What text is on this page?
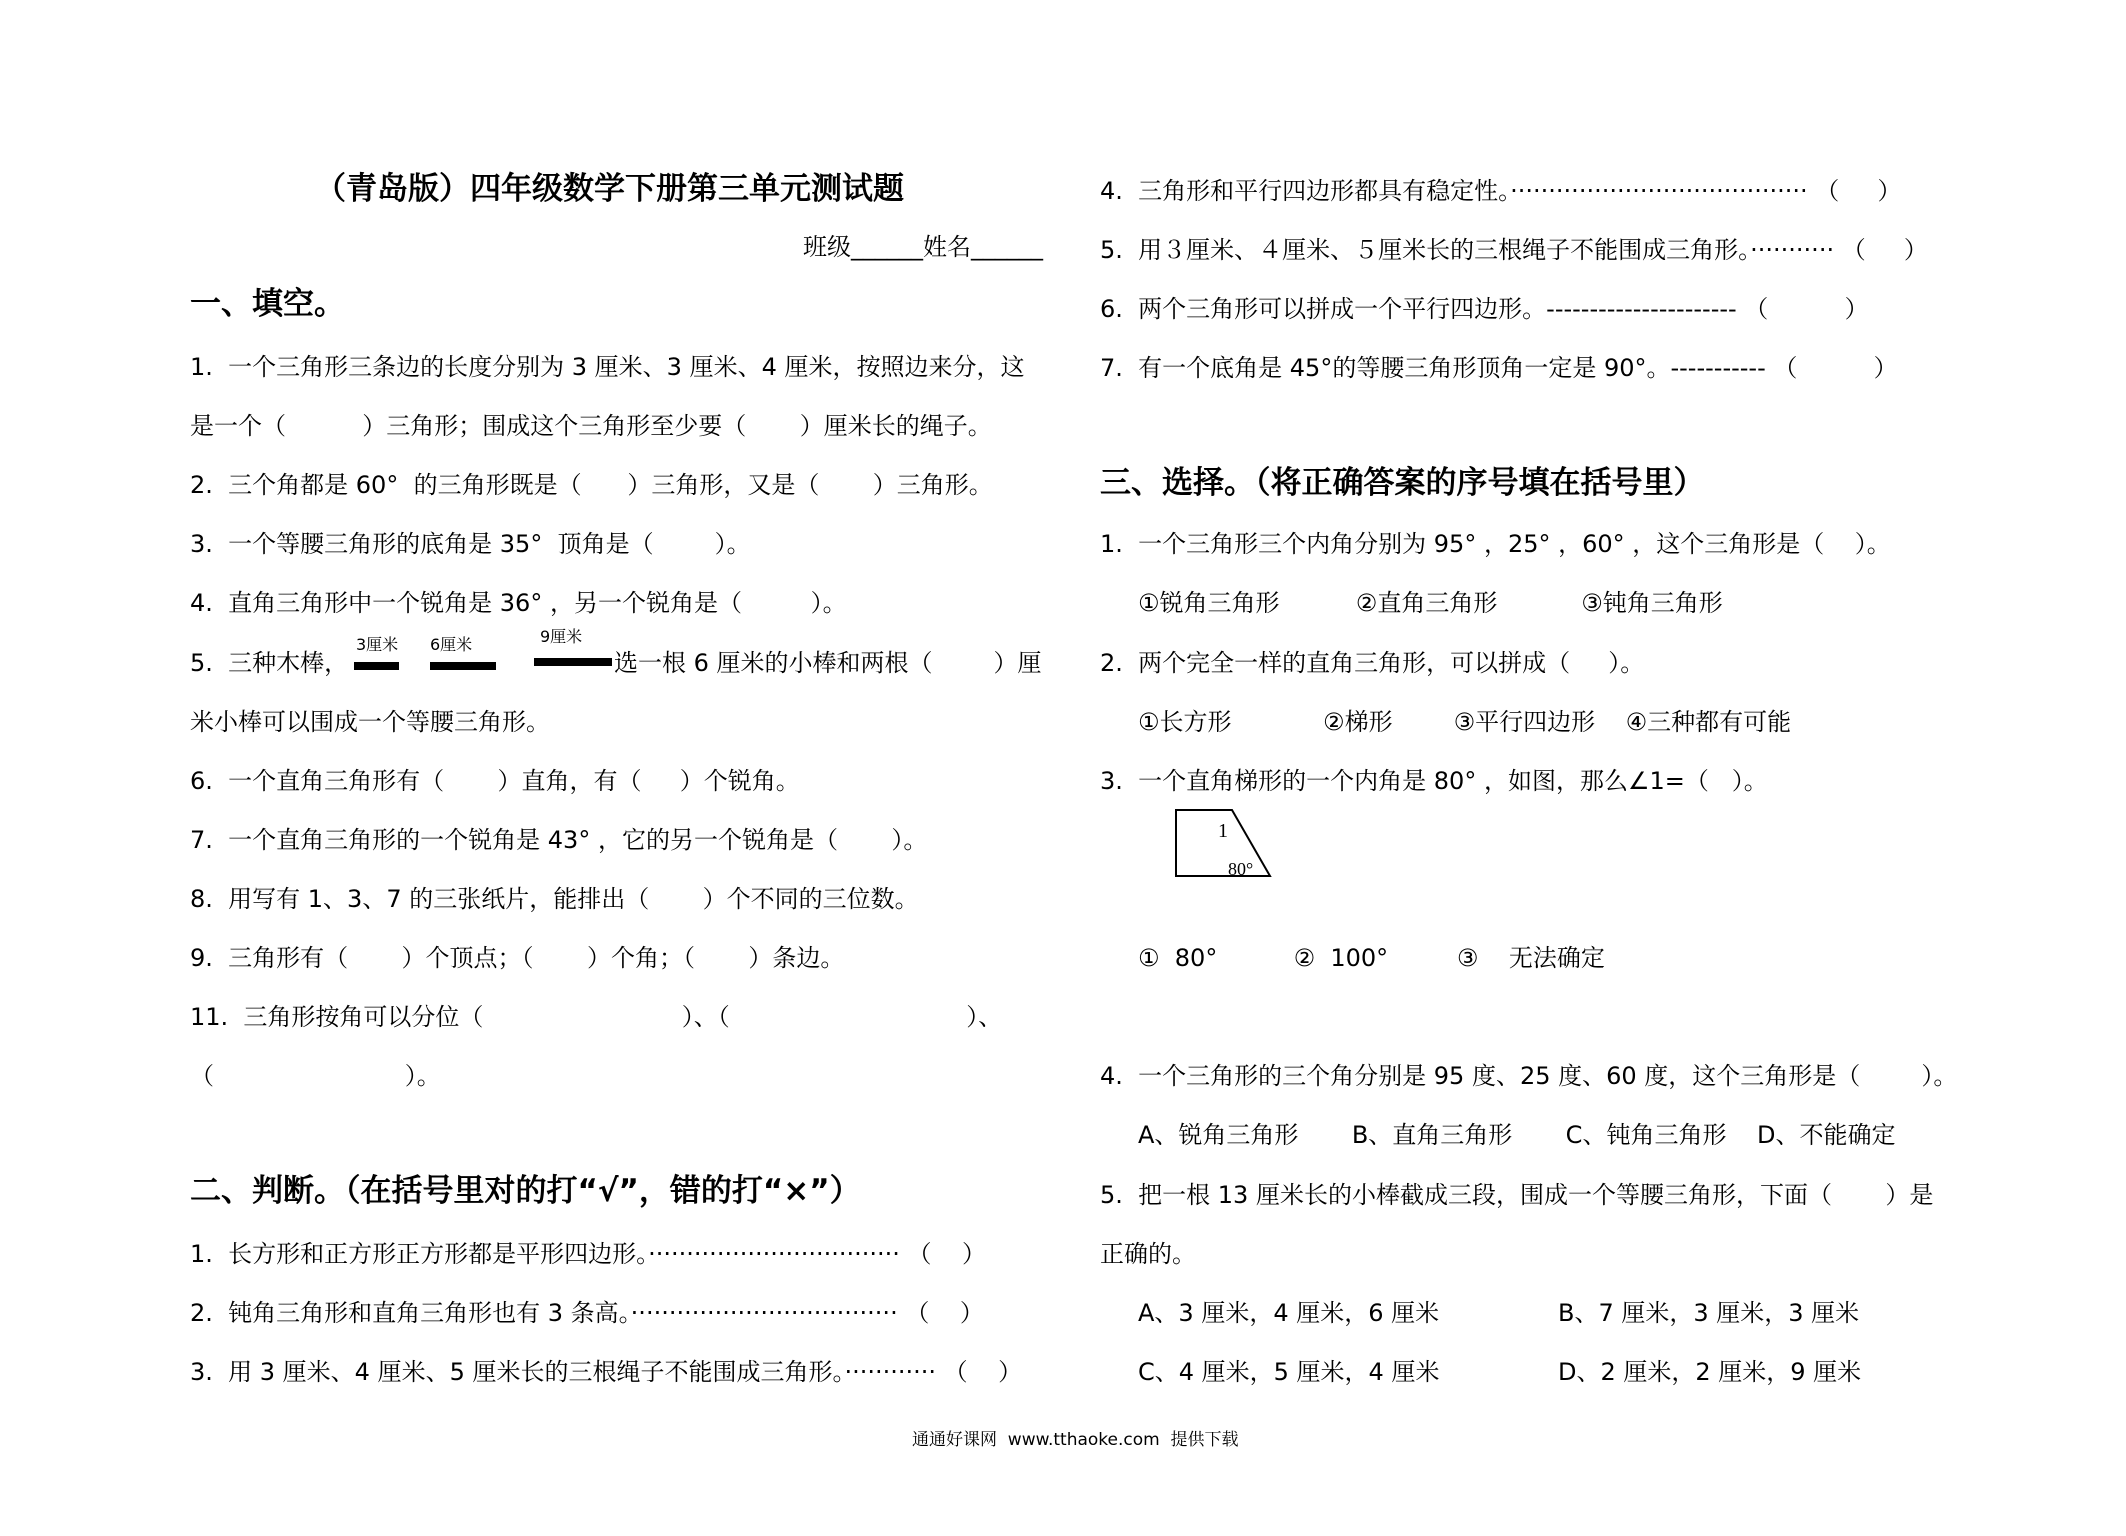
（青岛版）四年级数学下册第三单元测试题
班级______姓名______
一、填空。
1.  一个三角形三条边的长度分别为 3 厘米、3 厘米、4 厘米，按照边来分，这
是一个（          ）三角形；围成这个三角形至少要（       ）厘米长的绳子。
2.  三个角都是 60°  的三角形既是（      ）三角形，又是（       ）三角形。
3.  一个等腰三角形的底角是 35°  顶角是（        ）。
4.  直角三角形中一个锐角是 36° ，另一个锐角是（         ）。
5.  三种木棒，
3厘米 6厘米	9厘米
选一根 6 厘米的小棒和两根（        ）厘
米小棒可以围成一个等腰三角形。
6.  一个直角三角形有（       ）直角，有（     ）个锐角。
7.  一个直角三角形的一个锐角是 43° ，它的另一个锐角是（       ）。
8.  用写有 1、3、7 的三张纸片，能排出（       ）个不同的三位数。
9.  三角形有（       ）个顶点；（       ）个角；（       ）条边。
11.  三角形按角可以分位（                          ）、（                               ）、
（                         ）。
二、判断。（在括号里对的打“√”，错的打“×”）
1.  长方形和正方形正方形都是平形四边形。································· （    ）
2.  钝角三角形和直角三角形也有 3 条高。··································· （    ）
3.  用 3 厘米、4 厘米、5 厘米长的三根绳子不能围成三角形。············ （    ）
4.  三角形和平行四边形都具有稳定性。······································· （     ）
5.  用３厘米、４厘米、５厘米长的三根绳子不能围成三角形。··········· （     ）
6.  两个三角形可以拼成一个平行四边形。---------------------- （          ）
7.  有一个底角是 45°的等腰三角形顶角一定是 90°。----------- （          ）
三、选择。（将正确答案的序号填在括号里）
1.  一个三角形三个内角分别为 95° ，25° ，60° ，这个三角形是（    ）。
①锐角三角形          ②直角三角形           ③钝角三角形
2.  两个完全一样的直角三角形，可以拼成（     ）。
①长方形            ②梯形        ③平行四边形    ④三种都有可能
3.  一个直角梯形的一个内角是 80° ，如图，那么∠1=（   ）。
1
80°
①  80°          ②  100°         ③    无法确定
4.  一个三角形的三个角分别是 95 度、25 度、60 度，这个三角形是（        ）。
A、锐角三角形       B、直角三角形       C、钝角三角形    D、不能确定
5.  把一根 13 厘米长的小棒截成三段，围成一个等腰三角形，下面（       ）是
正确的。
A、3 厘米，4 厘米，6 厘米	B、7 厘米，3 厘米，3 厘米
C、4 厘米，5 厘米，4 厘米	D、2 厘米，2 厘米，9 厘米
通通好课网  www.tthaoke.com  提供下载
